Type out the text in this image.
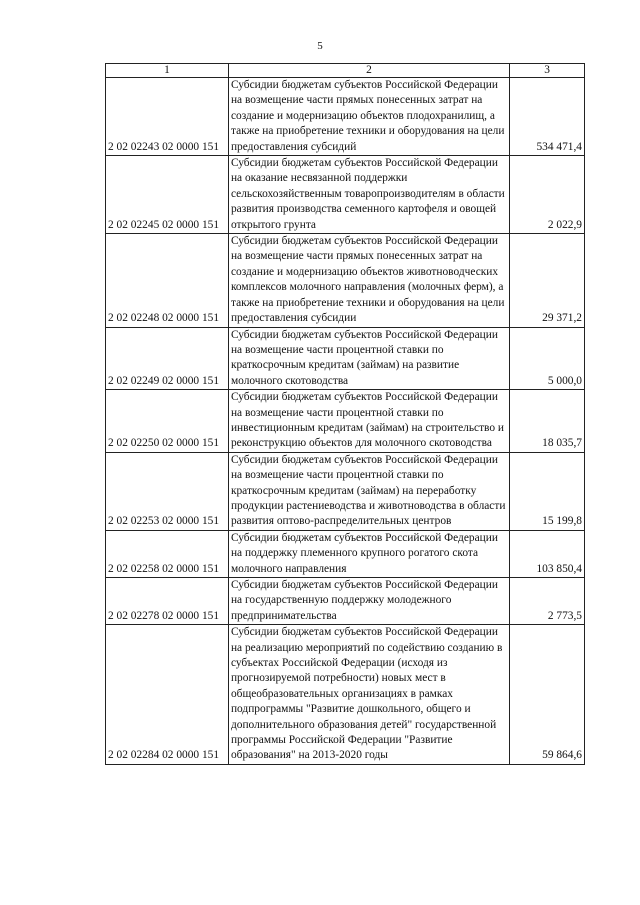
5
1	2	3
2 02 02243 02 0000 151	Субсидии бюджетам субъектов Российской Федерации на возмещение части прямых понесенных затрат на создание и модернизацию объектов плодохранилищ, а также на приобретение техники и оборудования на цели предоставления субсидий	534 471,4
2 02 02245 02 0000 151	Субсидии бюджетам субъектов Российской Федерации на оказание несвязанной поддержки сельскохозяйственным товаропроизводителям в области развития производства семенного картофеля и овощей открытого грунта	2 022,9
2 02 02248 02 0000 151	Субсидии бюджетам субъектов Российской Федерации на возмещение части прямых понесенных затрат на создание и модернизацию объектов животноводческих комплексов молочного направления (молочных ферм), а также на приобретение техники и оборудования на цели предоставления субсидии	29 371,2
2 02 02249 02 0000 151	Субсидии бюджетам субъектов Российской Федерации на возмещение части процентной ставки по краткосрочным кредитам (займам) на развитие молочного скотоводства	5 000,0
2 02 02250 02 0000 151	Субсидии бюджетам субъектов Российской Федерации на возмещение части процентной ставки по инвестиционным кредитам (займам) на строительство и реконструкцию объектов для молочного скотоводства	18 035,7
2 02 02253 02 0000 151	Субсидии бюджетам субъектов Российской Федерации на возмещение части процентной ставки по краткосрочным кредитам (займам) на переработку продукции растениеводства и животноводства в области развития оптово-распределительных центров	15 199,8
2 02 02258 02 0000 151	Субсидии бюджетам субъектов Российской Федерации на поддержку племенного крупного рогатого скота молочного направления	103 850,4
2 02 02278 02 0000 151	Субсидии бюджетам субъектов Российской Федерации на государственную поддержку молодежного предпринимательства	2 773,5
2 02 02284 02 0000 151	Субсидии бюджетам субъектов Российской Федерации на реализацию мероприятий по содействию созданию в субъектах Российской Федерации (исходя из прогнозируемой потребности) новых мест в общеобразовательных организациях в рамках подпрограммы "Развитие дошкольного, общего и дополнительного образования детей" государственной программы Российской Федерации "Развитие образования" на 2013-2020 годы	59 864,6
